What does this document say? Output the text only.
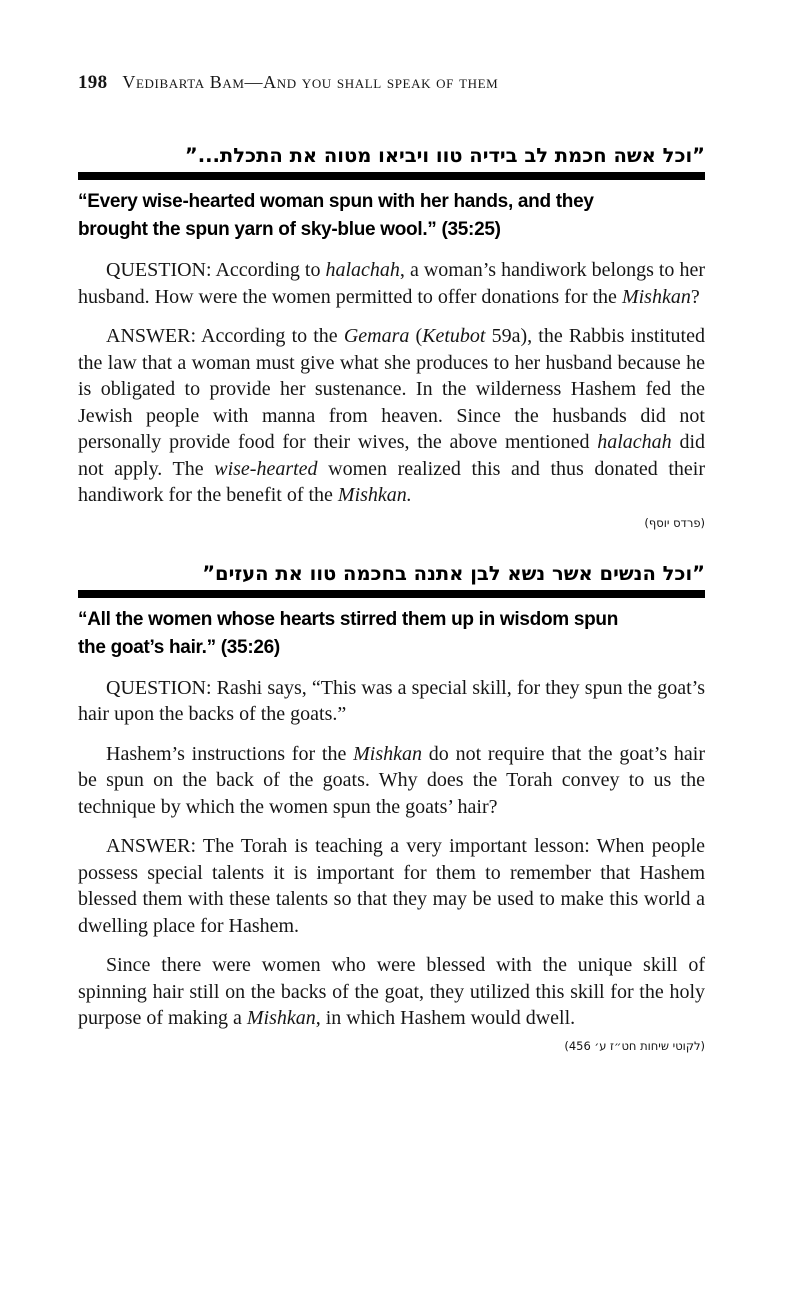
198 Vedibarta Bam—And you shall speak of them
”וכל אשה חכמת לב בידיה טוו ויביאו מטוה את התכלת...”
“Every wise-hearted woman spun with her hands, and they brought the spun yarn of sky-blue wool.” (35:25)

QUESTION: According to halachah, a woman’s handiwork belongs to her husband. How were the women permitted to offer donations for the Mishkan?

ANSWER: According to the Gemara (Ketubot 59a), the Rabbis instituted the law that a woman must give what she produces to her husband because he is obligated to provide her sustenance. In the wilderness Hashem fed the Jewish people with manna from heaven. Since the husbands did not personally provide food for their wives, the above mentioned halachah did not apply. The wise-hearted women realized this and thus donated their handiwork for the benefit of the Mishkan.

(פרדס יוסף)
”וכל הנשים אשר נשא לבן אתנה בחכמה טוו את העזים”
“All the women whose hearts stirred them up in wisdom spun the goat’s hair.” (35:26)

QUESTION: Rashi says, “This was a special skill, for they spun the goat’s hair upon the backs of the goats.”

Hashem’s instructions for the Mishkan do not require that the goat’s hair be spun on the back of the goats. Why does the Torah convey to us the technique by which the women spun the goats’ hair?

ANSWER: The Torah is teaching a very important lesson: When people possess special talents it is important for them to remember that Hashem blessed them with these talents so that they may be used to make this world a dwelling place for Hashem.

Since there were women who were blessed with the unique skill of spinning hair still on the backs of the goat, they utilized this skill for the holy purpose of making a Mishkan, in which Hashem would dwell.

(לקוטי שיחות חט״ז ע׳ 456)
